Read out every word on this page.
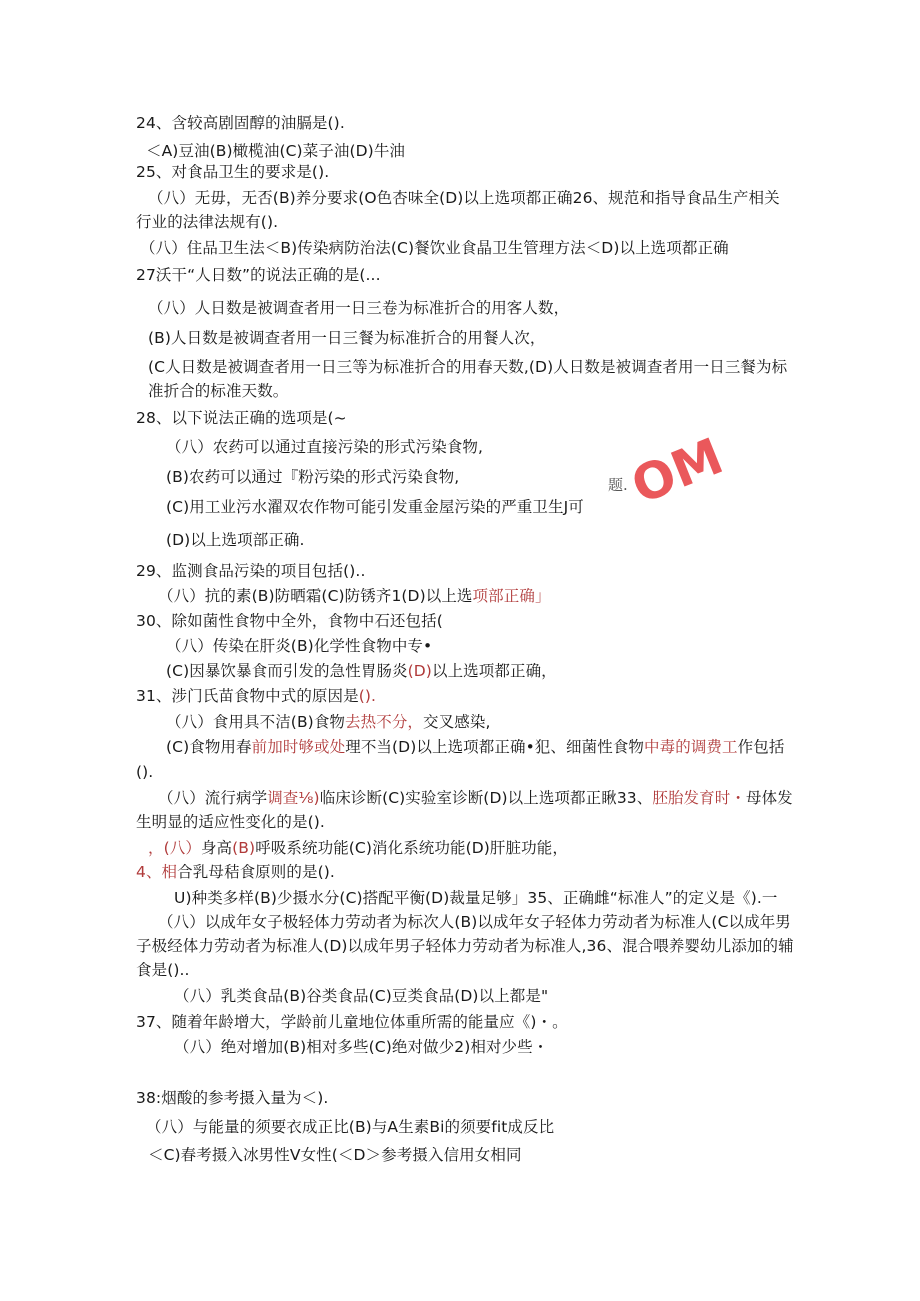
24、含较高剧固醇的油膈是().
＜A)豆油(B)橄榄油(C)菜子油(D)牛油
25、对食品卫生的要求是().
（八）无毋，无否(B)养分要求(O色杏味全(D)以上选项都正确26、规范和指导食品生产相关
行业的法律法规有().
（八）住品卫生法＜B)传染病防治法(C)餐饮业食晶卫生管理方法＜D)以上选项都正确
27沃干“人日数”的说法正确的是(...
（八）人日数是被调查者用一日三卷为标准折合的用客人数，
(B)人日数是被调查者用一日三餐为标准折合的用餐人次，
(C人日数是被调查者用一日三等为标准折合的用春天数,(D)人日数是被调查者用一日三餐为标
准折合的标准天数。
28、以下说法正确的选项是(~
（八）农药可以通过直接污染的形式污染食物,
(B)农药可以通过『粉污染的形式污染食物,
(C)用工业污水濯双农作物可能引发重金屋污染的严重卫生J可
(D)以上选项部正确.
29、监测食品污染的项目包括()..
（八）抗的素(B)防晒霜(C)防锈齐1(D)以上选项部正确」
30、除如菌性食物中全外，食物中石还包括(
（八）传染在肝炎(B)化学性食物中专•
(C)因暴饮暴食而引发的急性胃肠炎(D)以上选项都正确，
31、涉门氏苗食物中式的原因是().
（八）食用具不洁(B)食物去热不分，交叉感染,
(C)食物用春前加时够或处理不当(D)以上选项都正确•犯、细菌性食物中毒的调费工作包括
().
（八）流行病学调查⅛)临床诊断(C)实验室诊断(D)以上选项都正瞅33、胚胎发育时・母体发
生明显的适应性变化的是().
，(八）身高(B)呼吸系统功能(C)消化系统功能(D)肝脏功能，
4、相合乳母秸食原则的是().
U)种类多样(B)少摄水分(C)搭配平衡(D)裁量足够」35、正确雌“标准人”的定义是《).一
（八）以成年女子极轻体力劳动者为标次人(B)以成年女子轻体力劳动者为标准人(C以成年男
子极经体力劳动者为标准人(D)以成年男子轻体力劳动者为标准人,36、混合喂养婴幼儿添加的辅
食是()..
（八）乳类食品(B)谷类食品(C)豆类食品(D)以上都是"
37、随着年龄增大，学龄前儿童地位体重所需的能量应《)・。
（八）绝对增加(B)相对多些(C)绝对做少2)相对少些・
38:烟酸的参考摄入量为＜).
（八）与能量的须要衣成正比(B)与A生素Bi的须要fit成反比
＜C)春考摄入冰男性V女性(＜D＞参考摄入信用女相同
题.
OM
